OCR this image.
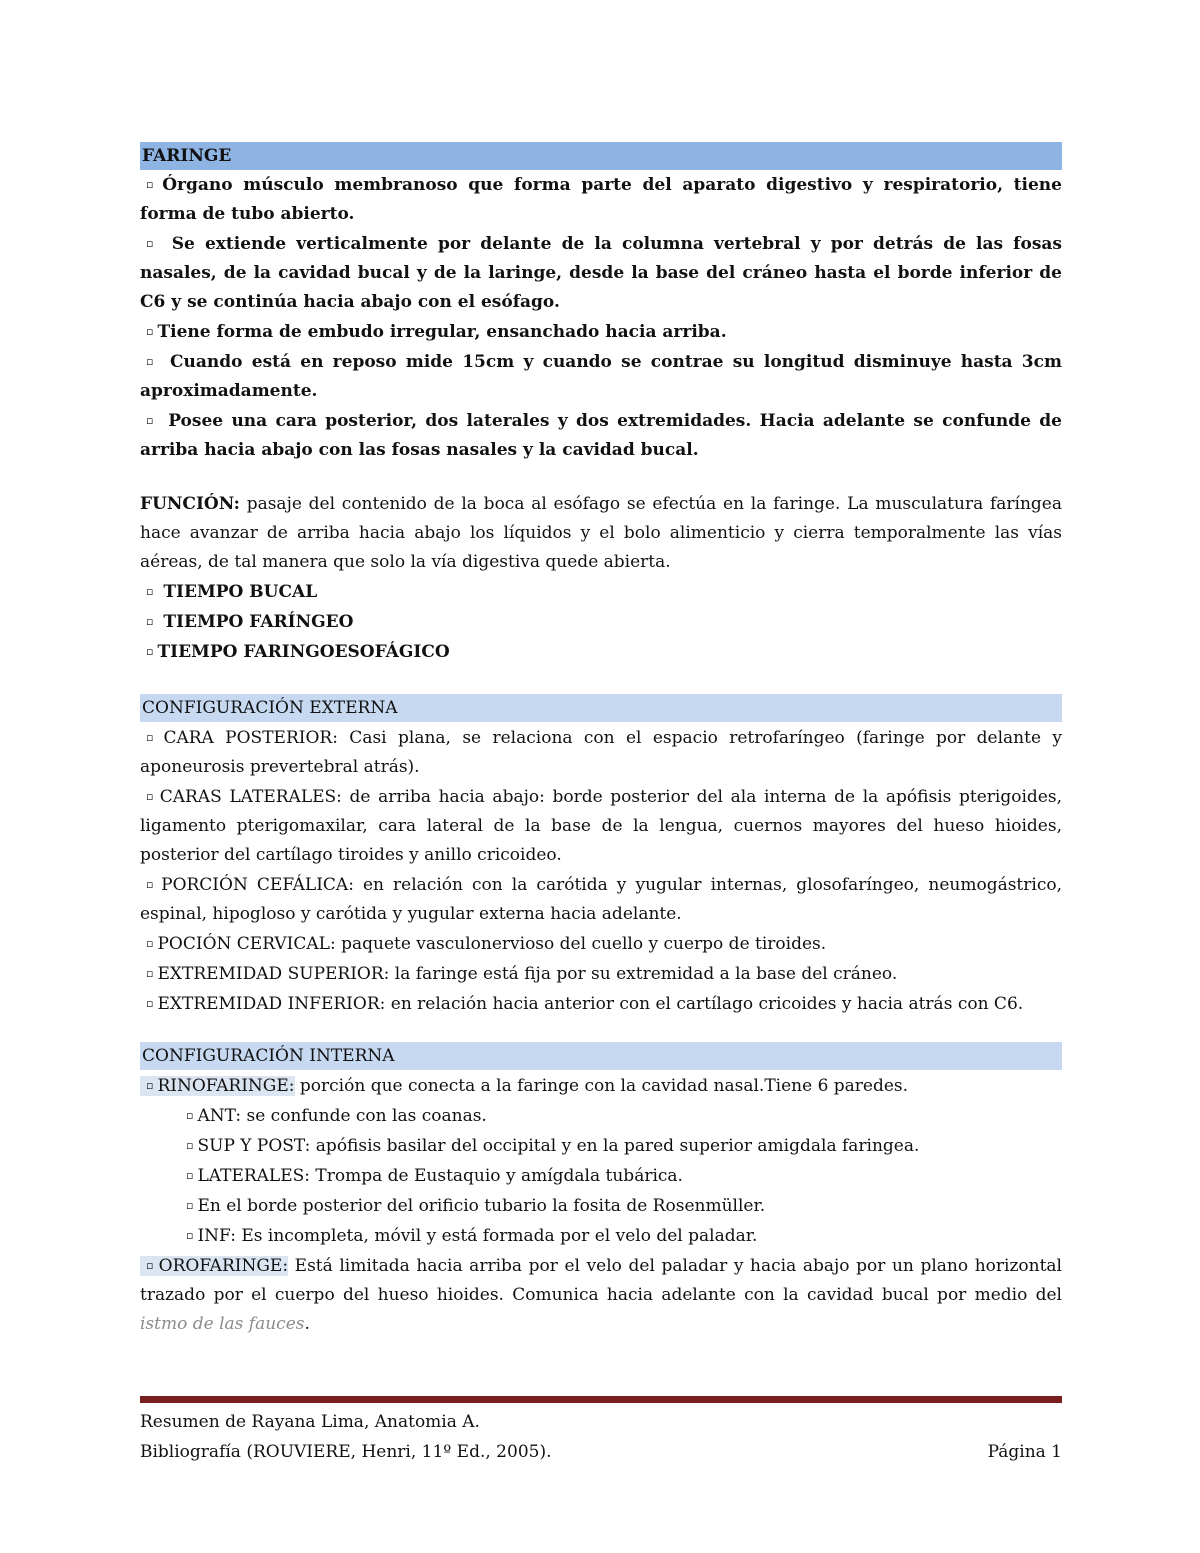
FARINGE

▫ Órgano músculo membranoso que forma parte del aparato digestivo y respiratorio, tiene forma de tubo abierto.

▫ Se extiende verticalmente por delante de la columna vertebral y por detrás de las fosas nasales, de la cavidad bucal y de la laringe, desde la base del cráneo hasta el borde inferior de C6 y se continúa hacia abajo con el esófago.

▫ Tiene forma de embudo irregular, ensanchado hacia arriba.

▫ Cuando está en reposo mide 15cm y cuando se contrae su longitud disminuye hasta 3cm aproximadamente.

▫ Posee una cara posterior, dos laterales y dos extremidades. Hacia adelante se confunde de arriba hacia abajo con las fosas nasales y la cavidad bucal.

FUNCIÓN: pasaje del contenido de la boca al esófago se efectúa en la faringe. La musculatura faríngea hace avanzar de arriba hacia abajo los líquidos y el bolo alimenticio y cierra temporalmente las vías aéreas, de tal manera que solo la vía digestiva quede abierta.

▫ TIEMPO BUCAL

▫ TIEMPO FARÍNGEO

▫ TIEMPO FARINGOESOFÁGICO

CONFIGURACIÓN EXTERNA

▫ CARA POSTERIOR: Casi plana, se relaciona con el espacio retrofaríngeo (faringe por delante y aponeurosis prevertebral atrás).

▫ CARAS LATERALES: de arriba hacia abajo: borde posterior del ala interna de la apófisis pterigoides, ligamento pterigomaxilar, cara lateral de la base de la lengua, cuernos mayores del hueso hioides, posterior del cartílago tiroides y anillo cricoideo.

▫ PORCIÓN CEFÁLICA: en relación con la carótida y yugular internas, glosofaríngeo, neumogástrico, espinal, hipogloso y carótida y yugular externa hacia adelante.

▫ POCIÓN CERVICAL: paquete vasculonervioso del cuello y cuerpo de tiroides.

▫ EXTREMIDAD SUPERIOR: la faringe está fija por su extremidad a la base del cráneo.

▫ EXTREMIDAD INFERIOR: en relación hacia anterior con el cartílago cricoides y hacia atrás con C6.

CONFIGURACIÓN INTERNA

▫ RINOFARINGE: porción que conecta a la faringe con la cavidad nasal.Tiene 6 paredes.

▫ ANT: se confunde con las coanas.

▫ SUP Y POST: apófisis basilar del occipital y en la pared superior amigdala faringea.

▫ LATERALES: Trompa de Eustaquio y amígdala tubárica.

▫ En el borde posterior del orificio tubario la fosita de Rosenmüller.

▫ INF: Es incompleta, móvil y está formada por el velo del paladar.

▫ OROFARINGE: Está limitada hacia arriba por el velo del paladar y hacia abajo por un plano horizontal trazado por el cuerpo del hueso hioides. Comunica hacia adelante con la cavidad bucal por medio del istmo de las fauces.

Resumen de Rayana Lima, Anatomia A.
Bibliografía (ROUVIERE, Henri, 11º Ed., 2005).	Página 1
